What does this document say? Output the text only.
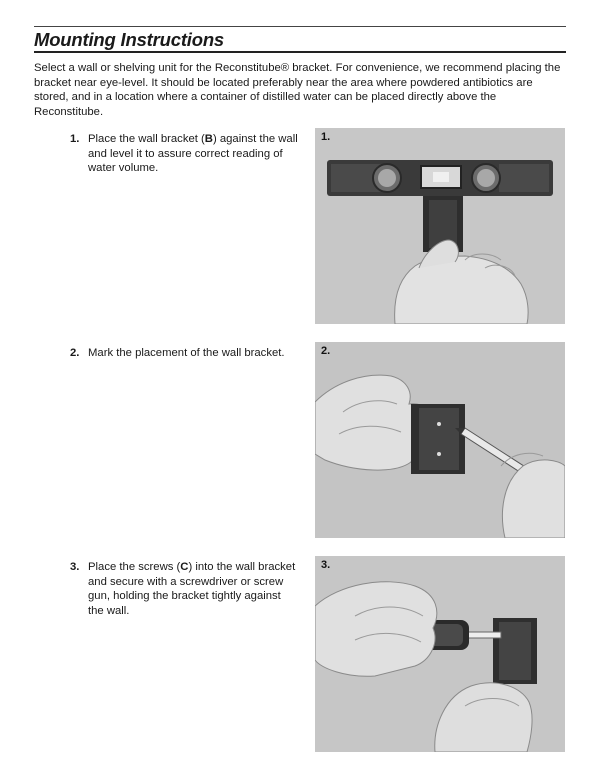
Mounting Instructions
Select a wall or shelving unit for the Reconstitube® bracket. For convenience, we recommend placing the bracket near eye-level. It should be located preferably near the area where powdered antibiotics are stored, and in a location where a container of distilled water can be placed directly above the Reconstitube.
1. Place the wall bracket (B) against the wall and level it to assure correct reading of water volume.
1.
2. Mark the placement of the wall bracket.	2.
3. Place the screws (C) into the wall bracket and secure with a screwdriver or screw gun, holding the bracket tightly against the wall.
3.
